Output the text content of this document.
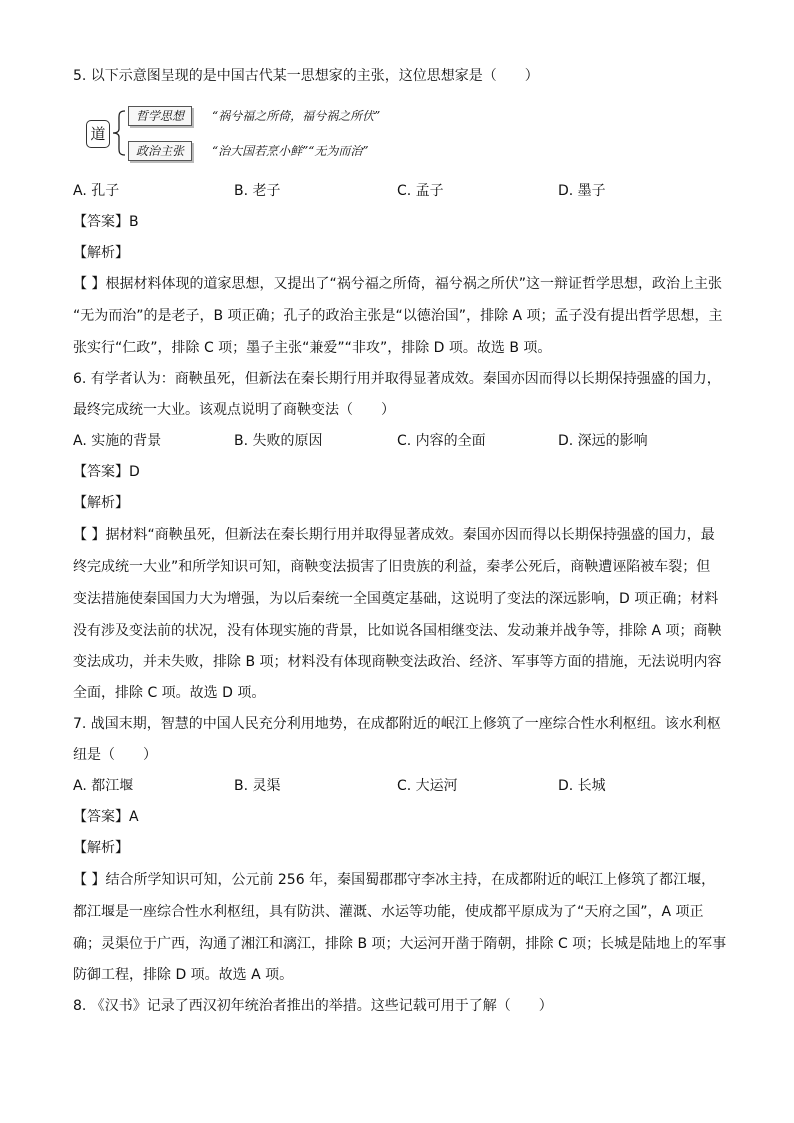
5. 以下示意图呈现的是中国古代某一思想家的主张，这位思想家是（　　）
道
哲学思想	“祸兮福之所倚，福兮祸之所伏”
政治主张	“治大国若烹小鲜”“无为而治”
A. 孔子	B. 老子	C. 孟子	D. 墨子
【答案】B
【解析】
【 】根据材料体现的道家思想，又提出了“祸兮福之所倚，福兮祸之所伏”这一辩证哲学思想，政治上主张
“无为而治”的是老子，B 项正确；孔子的政治主张是“以德治国”，排除 A 项；孟子没有提出哲学思想，主
张实行“仁政”，排除 C 项；墨子主张“兼爱”“非攻”，排除 D 项。故选 B 项。
6. 有学者认为：商鞅虽死，但新法在秦长期行用并取得显著成效。秦国亦因而得以长期保持强盛的国力，
最终完成统一大业。该观点说明了商鞅变法（　　）
A. 实施的背景	B. 失败的原因	C. 内容的全面	D. 深远的影响
【答案】D
【解析】
【 】据材料“商鞅虽死，但新法在秦长期行用并取得显著成效。秦国亦因而得以长期保持强盛的国力，最
终完成统一大业”和所学知识可知，商鞅变法损害了旧贵族的利益，秦孝公死后，商鞅遭诬陷被车裂；但
变法措施使秦国国力大为增强，为以后秦统一全国奠定基础，这说明了变法的深远影响，D 项正确；材料
没有涉及变法前的状况，没有体现实施的背景，比如说各国相继变法、发动兼并战争等，排除 A 项；商鞅
变法成功，并未失败，排除 B 项；材料没有体现商鞅变法政治、经济、军事等方面的措施，无法说明内容
全面，排除 C 项。故选 D 项。
7. 战国末期，智慧的中国人民充分利用地势，在成都附近的岷江上修筑了一座综合性水利枢纽。该水利枢
纽是（　　）
A. 都江堰	B. 灵渠	C. 大运河	D. 长城
【答案】A
【解析】
【 】结合所学知识可知，公元前 256 年，秦国蜀郡郡守李冰主持，在成都附近的岷江上修筑了都江堰，
都江堰是一座综合性水利枢纽，具有防洪、灌溉、水运等功能，使成都平原成为了“天府之国”，A 项正
确；灵渠位于广西，沟通了湘江和漓江，排除 B 项；大运河开凿于隋朝，排除 C 项；长城是陆地上的军事
防御工程，排除 D 项。故选 A 项。
8. 《汉书》记录了西汉初年统治者推出的举措。这些记载可用于了解（　　）
